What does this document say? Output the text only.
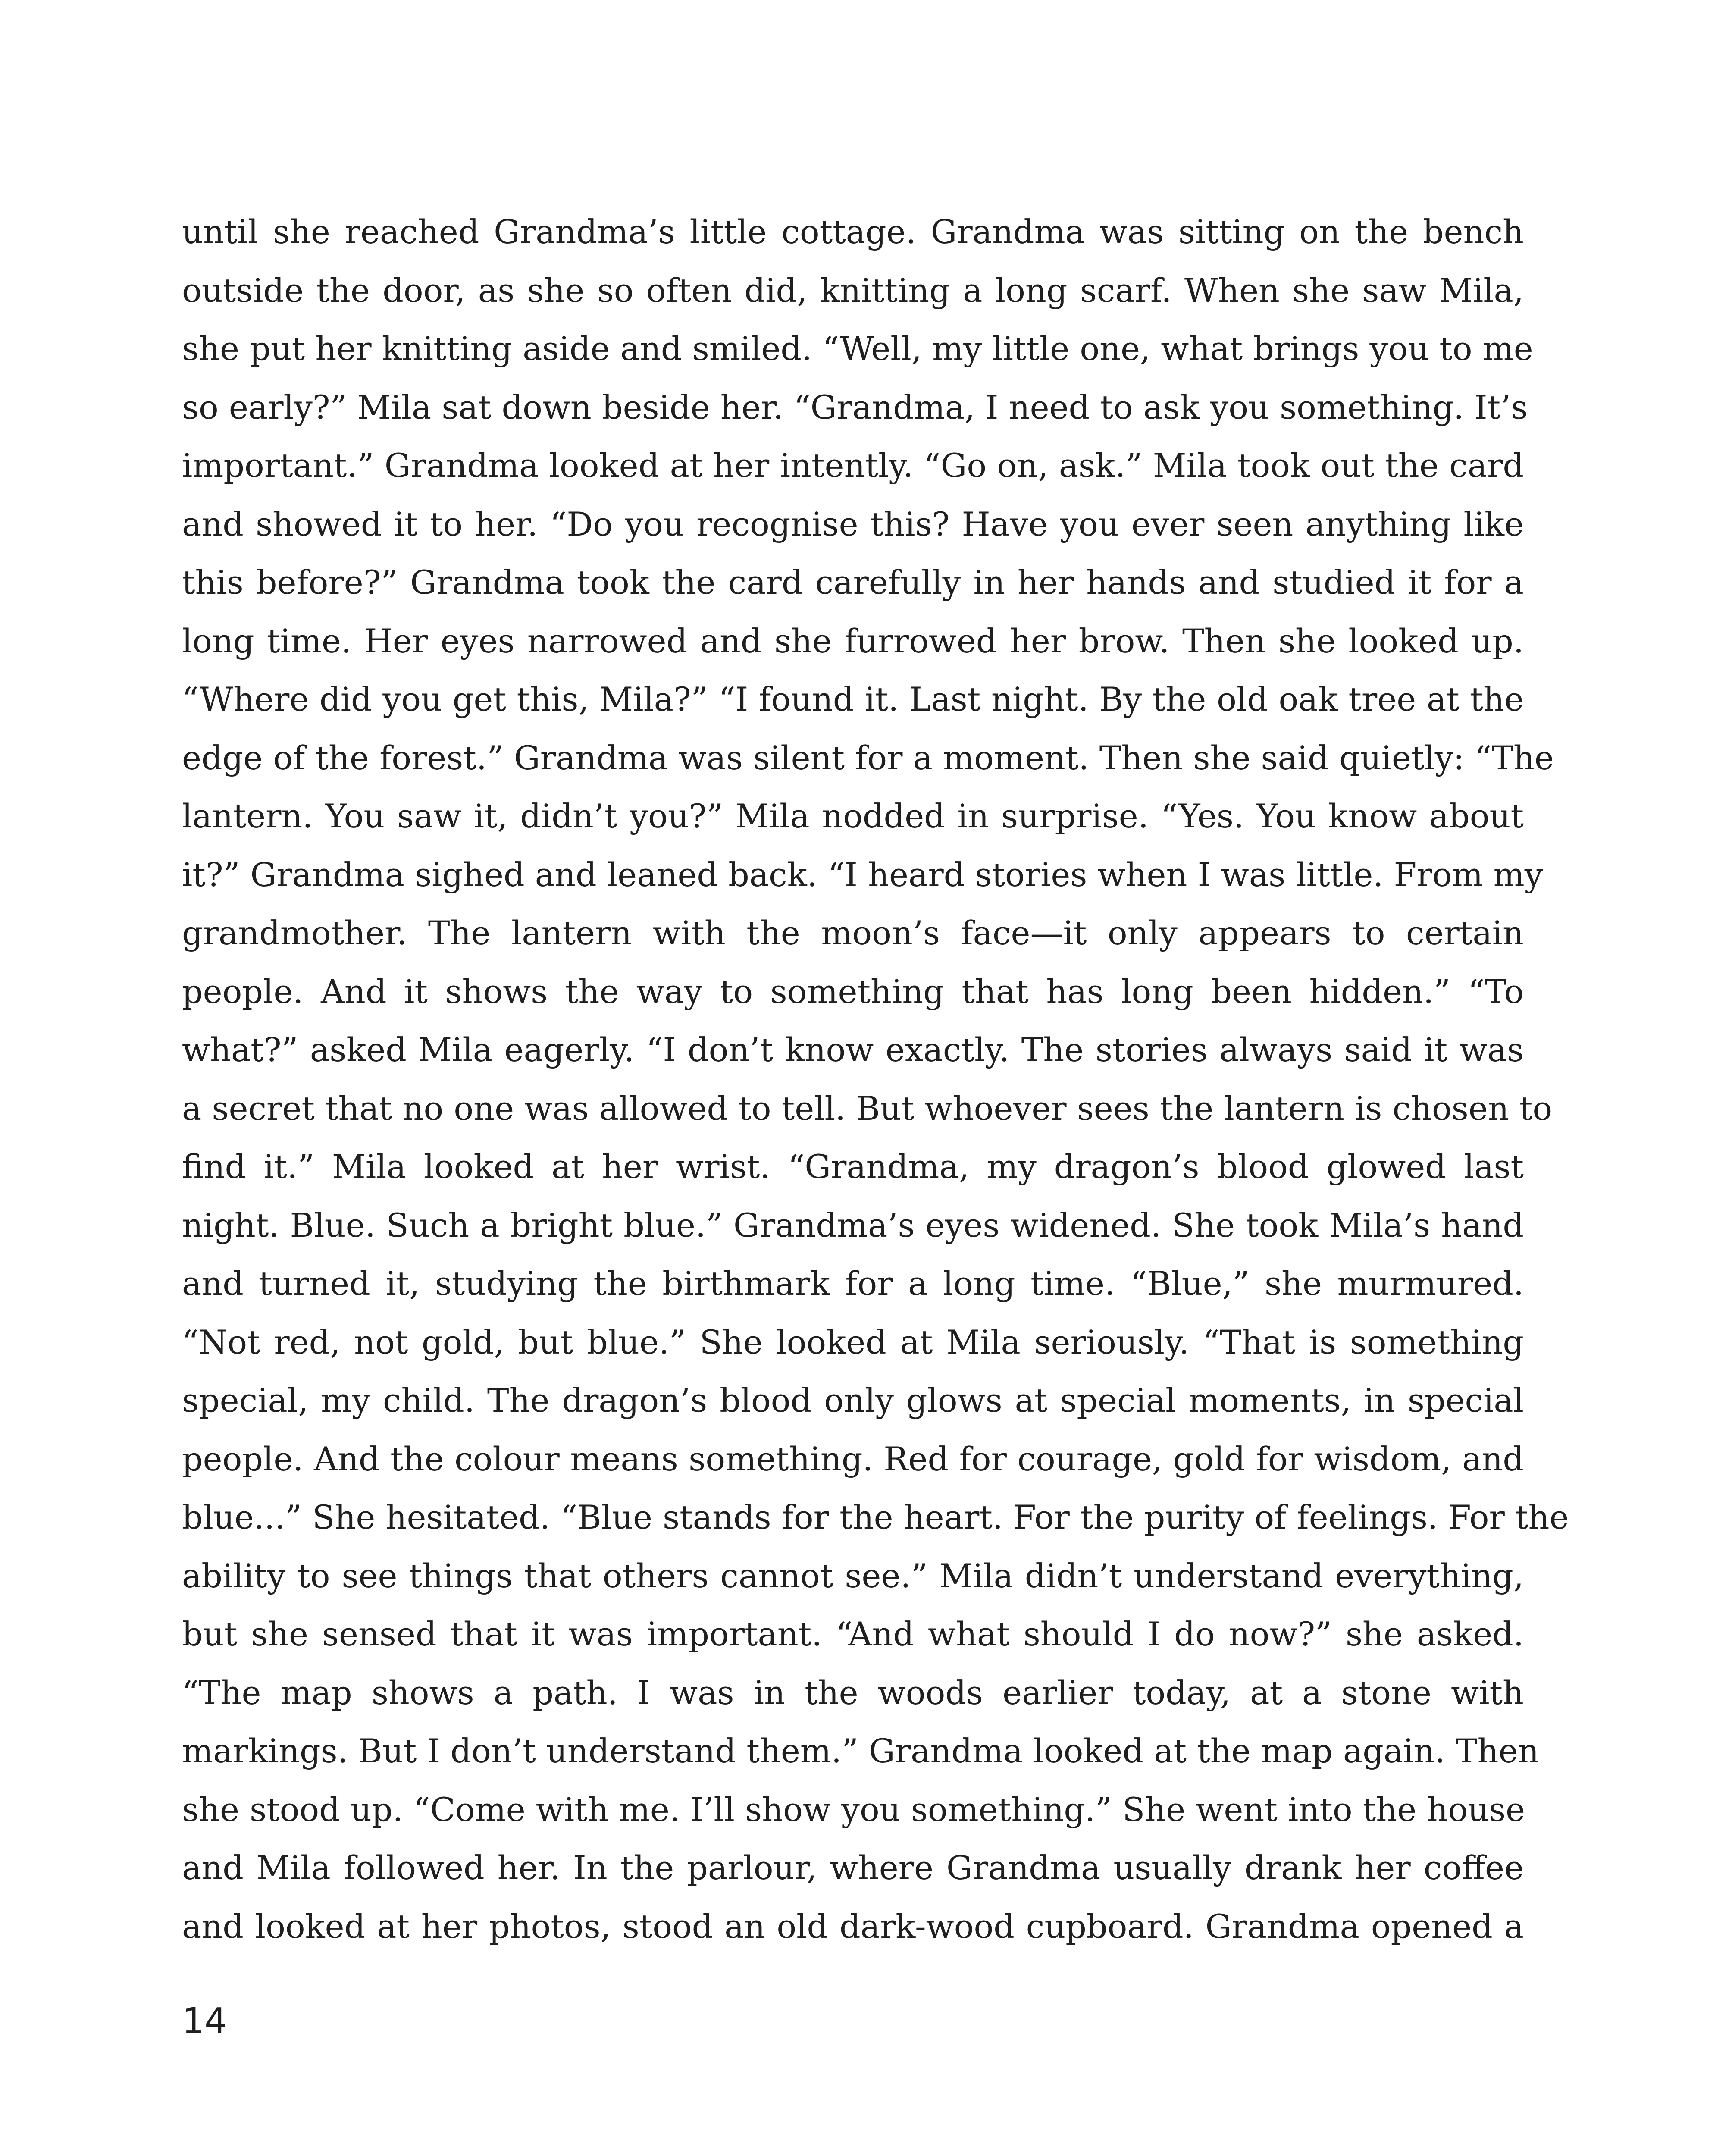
until she reached Grandma’s little cottage. Grandma was sitting on the bench
outside the door, as she so often did, knitting a long scarf. When she saw Mila,
she put her knitting aside and smiled. “Well, my little one, what brings you to me
so early?” Mila sat down beside her. “Grandma, I need to ask you something. It’s
important.” Grandma looked at her intently. “Go on, ask.” Mila took out the card
and showed it to her. “Do you recognise this? Have you ever seen anything like
this before?” Grandma took the card carefully in her hands and studied it for a
long time. Her eyes narrowed and she furrowed her brow. Then she looked up.
“Where did you get this, Mila?” “I found it. Last night. By the old oak tree at the
edge of the forest.” Grandma was silent for a moment. Then she said quietly: “The
lantern. You saw it, didn’t you?” Mila nodded in surprise. “Yes. You know about
it?” Grandma sighed and leaned back. “I heard stories when I was little. From my
grandmother. The lantern with the moon’s face—it only appears to certain
people. And it shows the way to something that has long been hidden.” “To
what?” asked Mila eagerly. “I don’t know exactly. The stories always said it was
a secret that no one was allowed to tell. But whoever sees the lantern is chosen to
find it.” Mila looked at her wrist. “Grandma, my dragon’s blood glowed last
night. Blue. Such a bright blue.” Grandma’s eyes widened. She took Mila’s hand
and turned it, studying the birthmark for a long time. “Blue,” she murmured.
“Not red, not gold, but blue.” She looked at Mila seriously. “That is something
special, my child. The dragon’s blood only glows at special moments, in special
people. And the colour means something. Red for courage, gold for wisdom, and
blue...” She hesitated. “Blue stands for the heart. For the purity of feelings. For the
ability to see things that others cannot see.” Mila didn’t understand everything,
but she sensed that it was important. “And what should I do now?” she asked.
“The map shows a path. I was in the woods earlier today, at a stone with
markings. But I don’t understand them.” Grandma looked at the map again. Then
she stood up. “Come with me. I’ll show you something.” She went into the house
and Mila followed her. In the parlour, where Grandma usually drank her coffee
and looked at her photos, stood an old dark-wood cupboard. Grandma opened a
14
